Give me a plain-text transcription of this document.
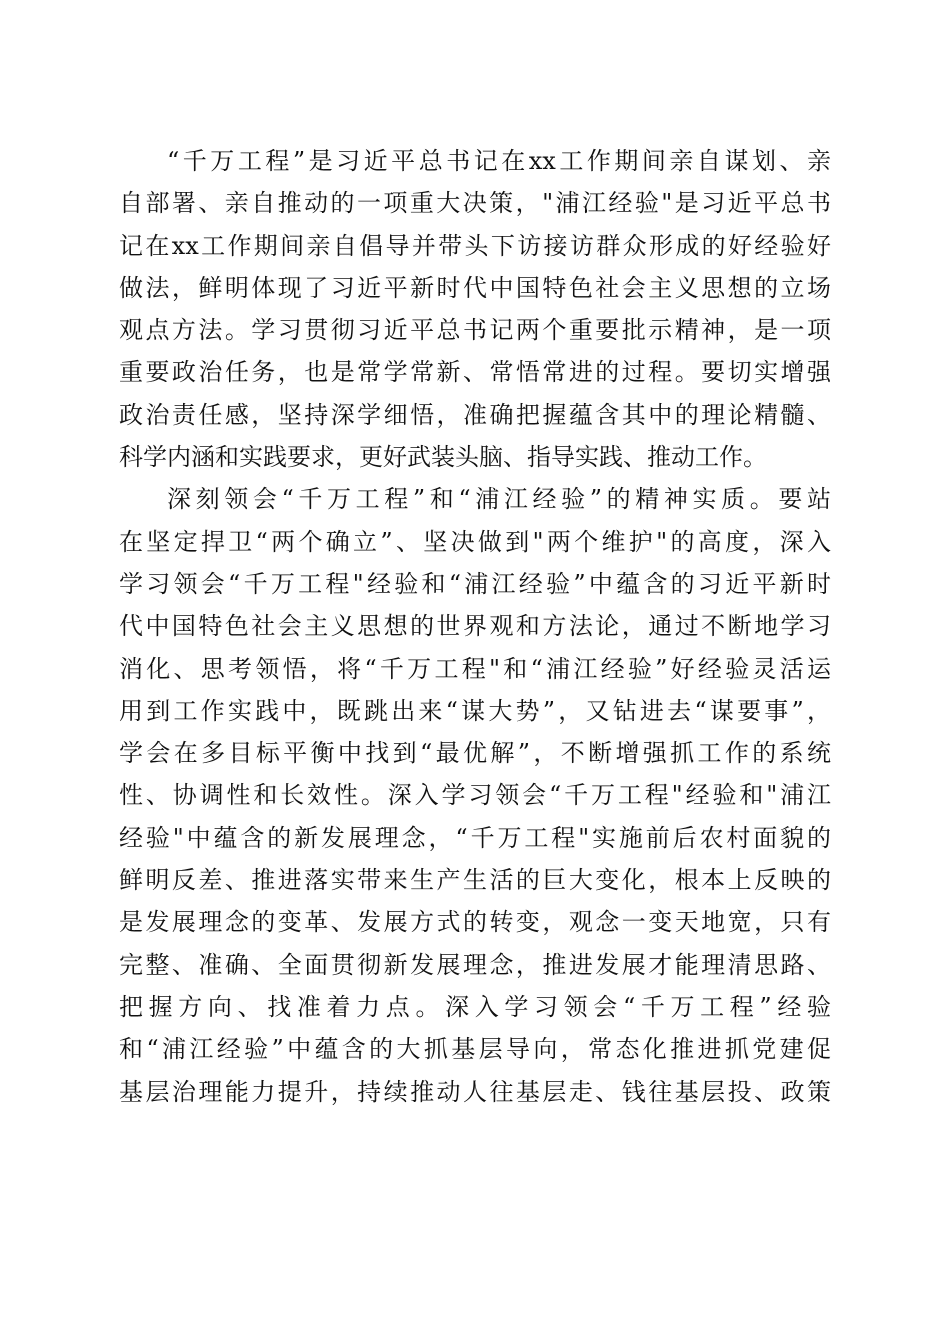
“千万工程”是习近平总书记在xx工作期间亲自谋划、亲
自部署、亲自推动的一项重大决策，"浦江经验"是习近平总书
记在xx工作期间亲自倡导并带头下访接访群众形成的好经验好
做法，鲜明体现了习近平新时代中国特色社会主义思想的立场
观点方法。学习贯彻习近平总书记两个重要批示精神，是一项
重要政治任务，也是常学常新、常悟常进的过程。要切实增强
政治责任感，坚持深学细悟，准确把握蕴含其中的理论精髓、
科学内涵和实践要求，更好武装头脑、指导实践、推动工作。
深刻领会“千万工程”和“浦江经验”的精神实质。要站
在坚定捍卫“两个确立”、坚决做到"两个维护"的高度，深入
学习领会“千万工程"经验和“浦江经验”中蕴含的习近平新时
代中国特色社会主义思想的世界观和方法论，通过不断地学习
消化、思考领悟，将“千万工程"和“浦江经验”好经验灵活运
用到工作实践中，既跳出来“谋大势”，又钻进去“谋要事”，
学会在多目标平衡中找到“最优解”，不断增强抓工作的系统
性、协调性和长效性。深入学习领会“千万工程"经验和"浦江
经验"中蕴含的新发展理念，“千万工程"实施前后农村面貌的
鲜明反差、推进落实带来生产生活的巨大变化，根本上反映的
是发展理念的变革、发展方式的转变，观念一变天地宽，只有
完整、准确、全面贯彻新发展理念，推进发展才能理清思路、
把握方向、找准着力点。深入学习领会“千万工程”经验
和“浦江经验”中蕴含的大抓基层导向，常态化推进抓党建促
基层治理能力提升，持续推动人往基层走、钱往基层投、政策
